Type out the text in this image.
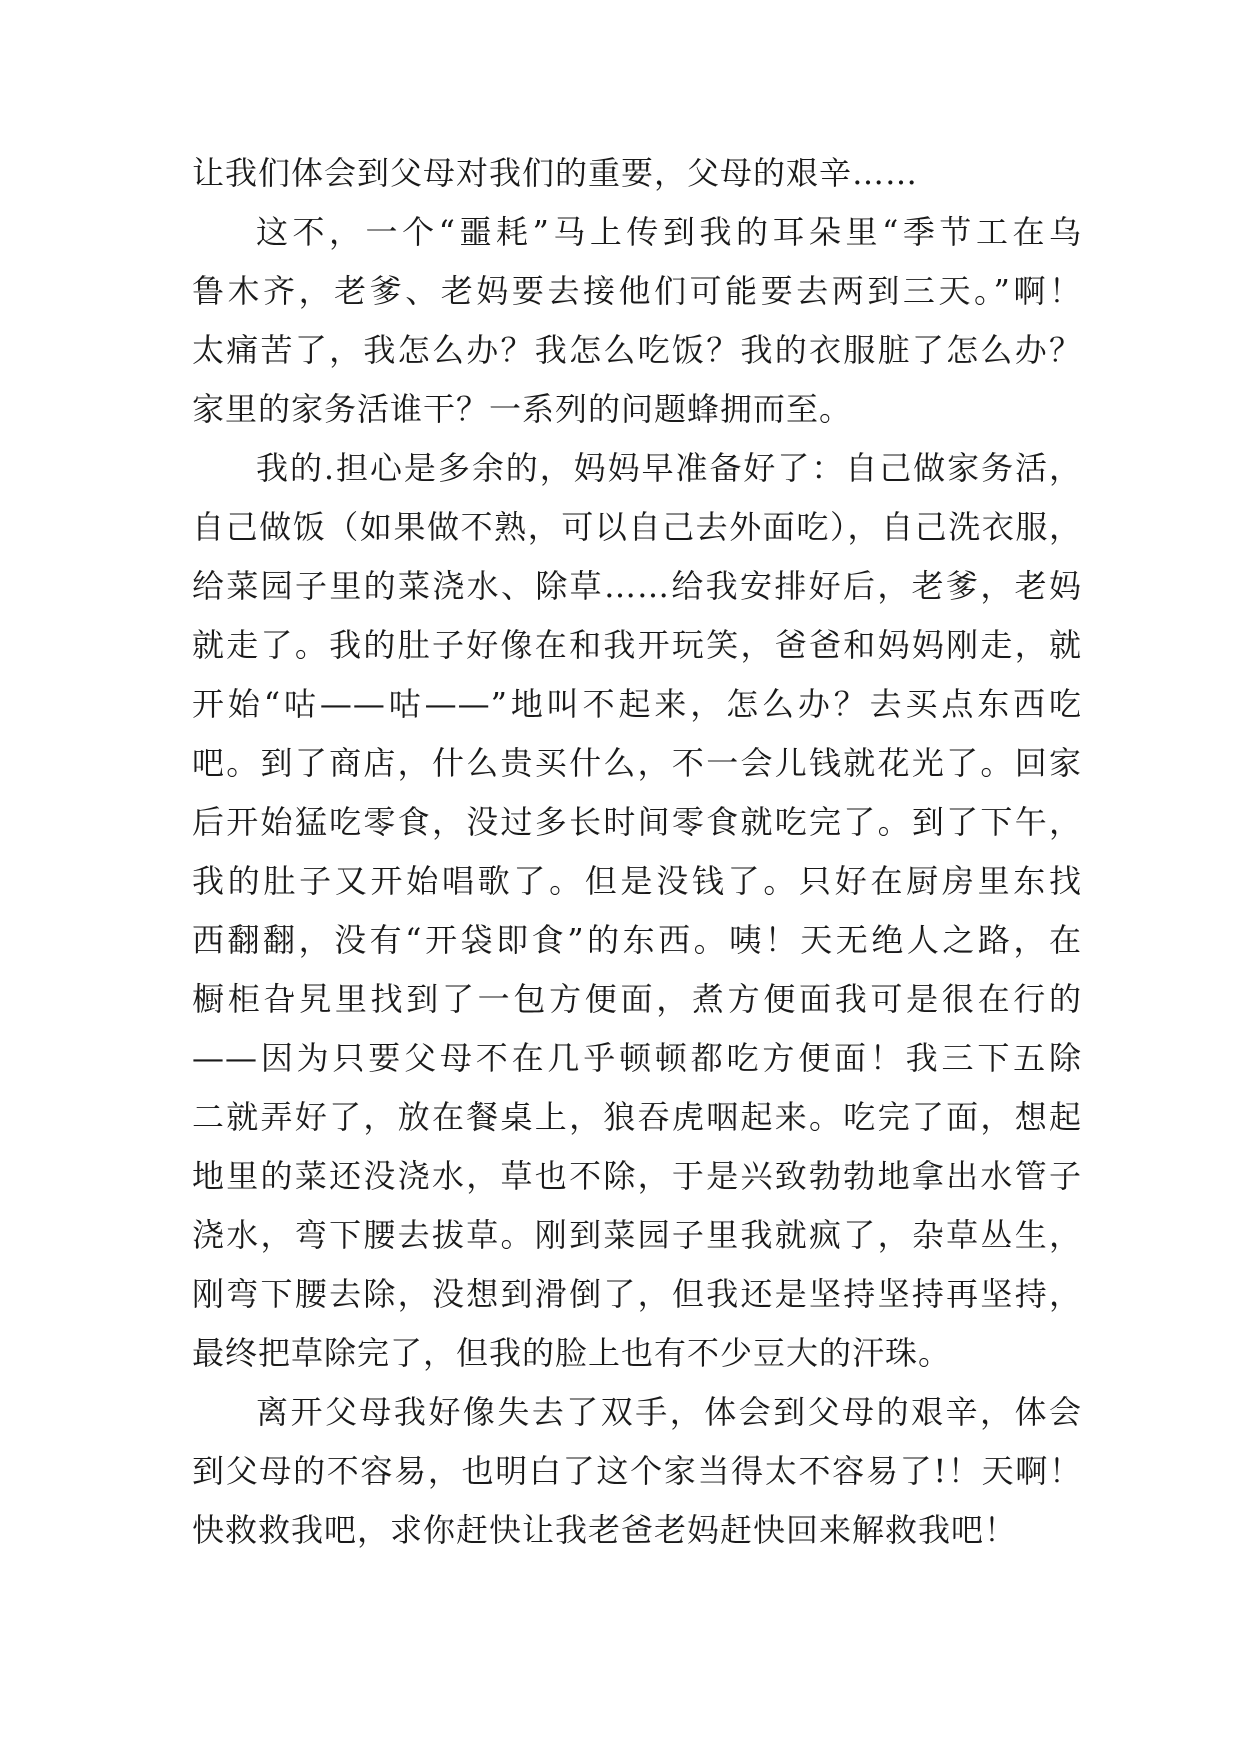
让我们体会到父母对我们的重要，父母的艰辛……
这不，一个“噩耗”马上传到我的耳朵里“季节工在乌
鲁木齐，老爹、老妈要去接他们可能要去两到三天。”啊！
太痛苦了，我怎么办？我怎么吃饭？我的衣服脏了怎么办？
家里的家务活谁干？一系列的问题蜂拥而至。
我的.担心是多余的，妈妈早准备好了：自己做家务活，
自己做饭（如果做不熟，可以自己去外面吃），自己洗衣服，
给菜园子里的菜浇水、除草……给我安排好后，老爹，老妈
就走了。我的肚子好像在和我开玩笑，爸爸和妈妈刚走，就
开始“咕——咕——”地叫不起来，怎么办？去买点东西吃
吧。到了商店，什么贵买什么，不一会儿钱就花光了。回家
后开始猛吃零食，没过多长时间零食就吃完了。到了下午，
我的肚子又开始唱歌了。但是没钱了。只好在厨房里东找
西翻翻，没有“开袋即食”的东西。咦！天无绝人之路，在
橱柜旮旯里找到了一包方便面，煮方便面我可是很在行的
——因为只要父母不在几乎顿顿都吃方便面！我三下五除
二就弄好了，放在餐桌上，狼吞虎咽起来。吃完了面，想起
地里的菜还没浇水，草也不除，于是兴致勃勃地拿出水管子
浇水，弯下腰去拔草。刚到菜园子里我就疯了，杂草丛生，
刚弯下腰去除，没想到滑倒了，但我还是坚持坚持再坚持，
最终把草除完了，但我的脸上也有不少豆大的汗珠。
离开父母我好像失去了双手，体会到父母的艰辛，体会
到父母的不容易，也明白了这个家当得太不容易了!！天啊！
快救救我吧，求你赶快让我老爸老妈赶快回来解救我吧！
